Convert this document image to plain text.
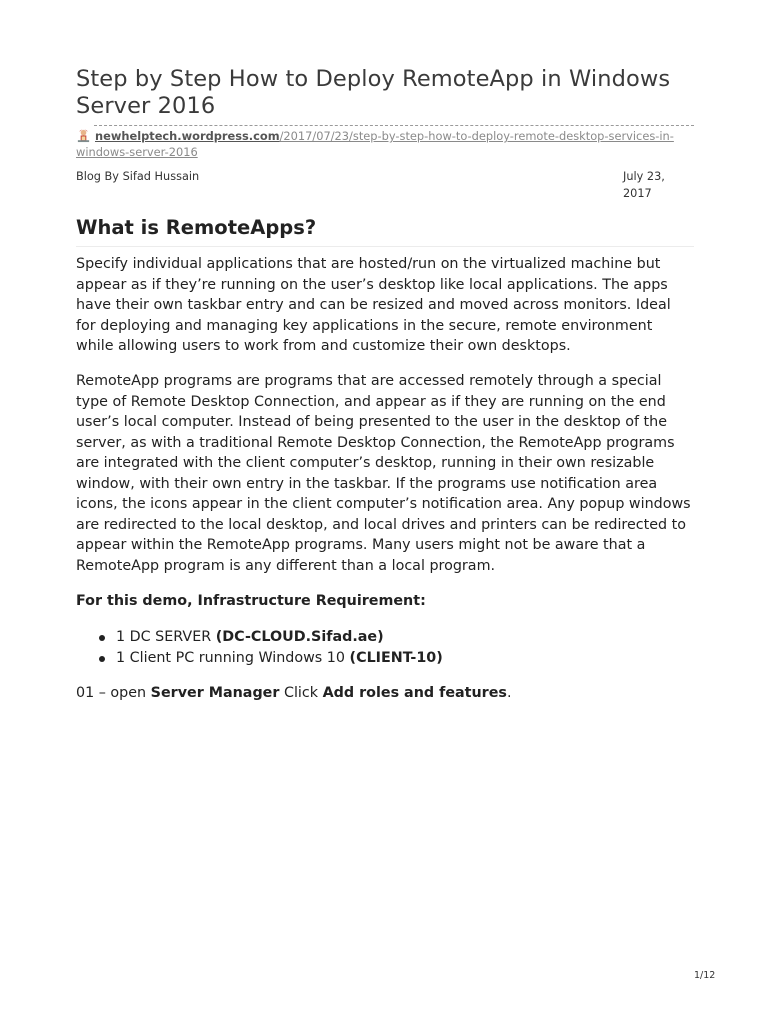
Step by Step How to Deploy RemoteApp in Windows Server 2016
newhelptech.wordpress.com/2017/07/23/step-by-step-how-to-deploy-remote-desktop-services-in-windows-server-2016
Blog By Sifad Hussain	July 23, 2017
What is RemoteApps?

Specify individual applications that are hosted/run on the virtualized machine but appear as if they’re running on the user’s desktop like local applications. The apps have their own taskbar entry and can be resized and moved across monitors. Ideal for deploying and managing key applications in the secure, remote environment while allowing users to work from and customize their own desktops.

RemoteApp programs are programs that are accessed remotely through a special type of Remote Desktop Connection, and appear as if they are running on the end user’s local computer. Instead of being presented to the user in the desktop of the server, as with a traditional Remote Desktop Connection, the RemoteApp programs are integrated with the client computer’s desktop, running in their own resizable window, with their own entry in the taskbar. If the programs use notification area icons, the icons appear in the client computer’s notification area. Any popup windows are redirected to the local desktop, and local drives and printers can be redirected to appear within the RemoteApp programs. Many users might not be aware that a RemoteApp program is any different than a local program.

For this demo, Infrastructure Requirement:

1 DC SERVER (DC-CLOUD.Sifad.ae)
1 Client PC running Windows 10 (CLIENT-10)

01 – open Server Manager Click Add roles and features.

1/12
